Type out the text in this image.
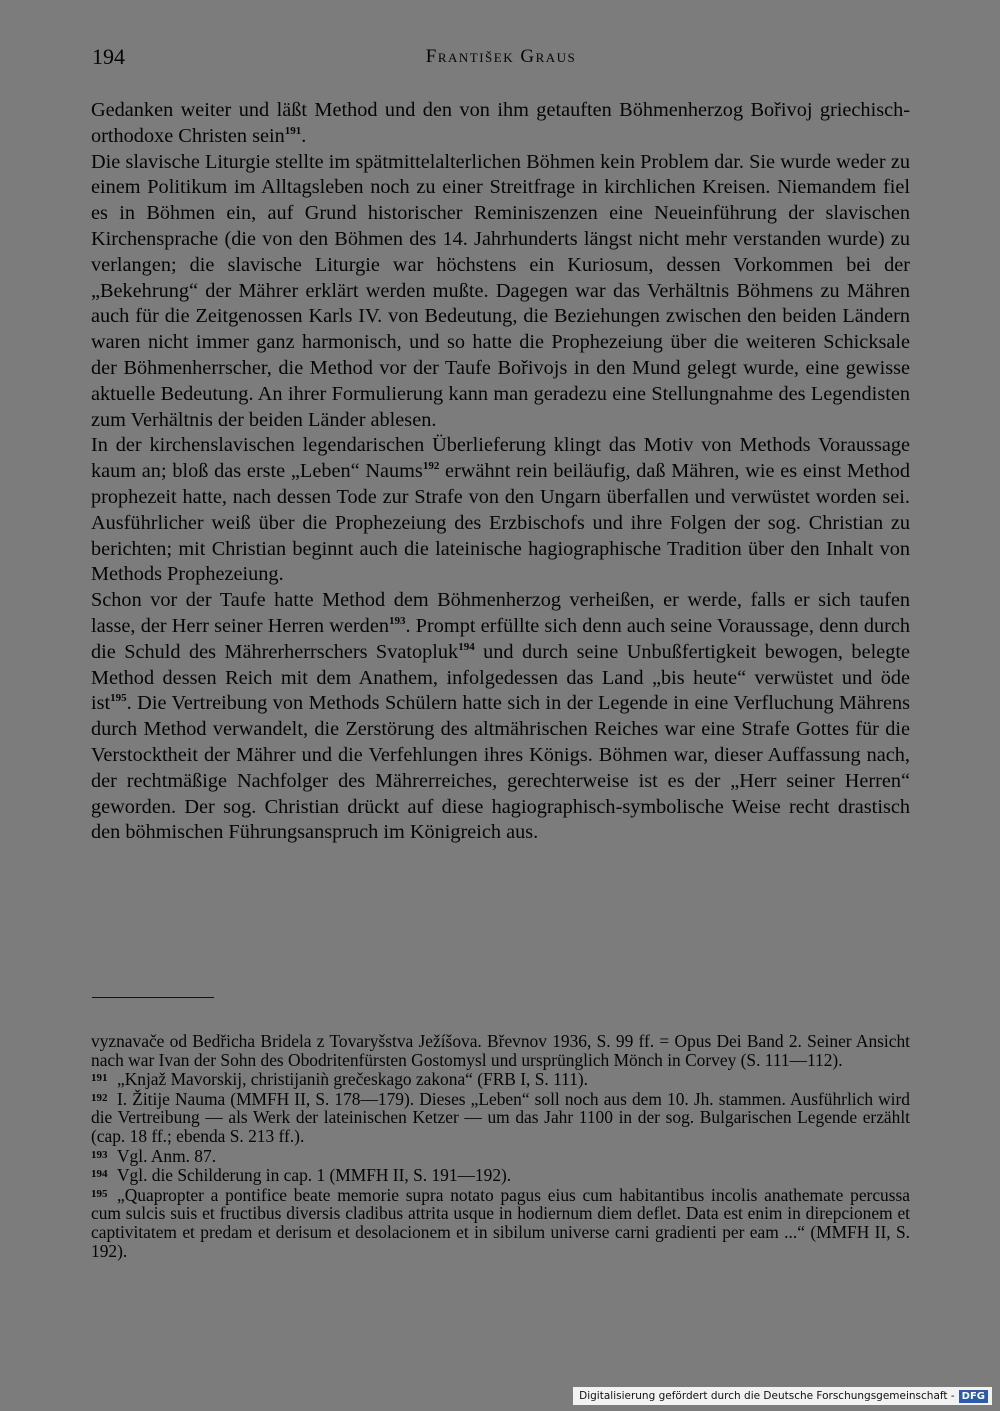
194	František Graus

Gedanken weiter und läßt Method und den von ihm getauften Böhmenherzog Bořivoj griechisch-orthodoxe Christen sein$^{191}$.

Die slavische Liturgie stellte im spätmittelalterlichen Böhmen kein Problem dar. Sie wurde weder zu einem Politikum im Alltagsleben noch zu einer Streitfrage in kirchlichen Kreisen. Niemandem fiel es in Böhmen ein, auf Grund historischer Reminiszenzen eine Neueinführung der slavischen Kirchensprache (die von den Böhmen des 14. Jahrhunderts längst nicht mehr verstanden wurde) zu verlangen; die slavische Liturgie war höchstens ein Kuriosum, dessen Vorkommen bei der „Bekehrung“ der Mährer erklärt werden mußte. Dagegen war das Verhältnis Böhmens zu Mähren auch für die Zeitgenossen Karls IV. von Bedeutung, die Beziehungen zwischen den beiden Ländern waren nicht immer ganz harmonisch, und so hatte die Prophezeiung über die weiteren Schicksale der Böhmenherrscher, die Method vor der Taufe Bořivojs in den Mund gelegt wurde, eine gewisse aktuelle Bedeutung. An ihrer Formulierung kann man geradezu eine Stellungnahme des Legendisten zum Verhältnis der beiden Länder ablesen.

In der kirchenslavischen legendarischen Überlieferung klingt das Motiv von Methods Voraussage kaum an; bloß das erste „Leben“ Naums$^{192}$ erwähnt rein beiläufig, daß Mähren, wie es einst Method prophezeit hatte, nach dessen Tode zur Strafe von den Ungarn überfallen und verwüstet worden sei. Ausführlicher weiß über die Prophezeiung des Erzbischofs und ihre Folgen der sog. Christian zu berichten; mit Christian beginnt auch die lateinische hagiographische Tradition über den Inhalt von Methods Prophezeiung.

Schon vor der Taufe hatte Method dem Böhmenherzog verheißen, er werde, falls er sich taufen lasse, der Herr seiner Herren werden$^{193}$. Prompt erfüllte sich denn auch seine Voraussage, denn durch die Schuld des Mährerherrschers Svatopluk$^{194}$ und durch seine Unbußfertigkeit bewogen, belegte Method dessen Reich mit dem Anathem, infolgedessen das Land „bis heute“ verwüstet und öde ist$^{195}$. Die Vertreibung von Methods Schülern hatte sich in der Legende in eine Verfluchung Mährens durch Method verwandelt, die Zerstörung des altmährischen Reiches war eine Strafe Gottes für die Verstocktheit der Mährer und die Verfehlungen ihres Königs. Böhmen war, dieser Auffassung nach, der rechtmäßige Nachfolger des Mährerreiches, gerechterweise ist es der „Herr seiner Herren“ geworden. Der sog. Christian drückt auf diese hagiographisch-symbolische Weise recht drastisch den böhmischen Führungsanspruch im Königreich aus.

vyznavače od Bedřicha Bridela z Tovaryšstva Ježíšova. Břevnov 1936, S. 99 ff. = Opus Dei Band 2. Seiner Ansicht nach war Ivan der Sohn des Obodritenfürsten Gostomysl und ursprünglich Mönch in Corvey (S. 111—112).

191 „Knjaž Mavorskij, christijaniǹ grečeskago zakona“ (FRB I, S. 111).

192 I. Žitije Nauma (MMFH II, S. 178—179). Dieses „Leben“ soll noch aus dem 10. Jh. stammen. Ausführlich wird die Vertreibung — als Werk der lateinischen Ketzer — um das Jahr 1100 in der sog. Bulgarischen Legende erzählt (cap. 18 ff.; ebenda S. 213 ff.).

193 Vgl. Anm. 87.

194 Vgl. die Schilderung in cap. 1 (MMFH II, S. 191—192).

195 „Quapropter a pontifice beate memorie supra notato pagus eius cum habitantibus incolis anathemate percussa cum sulcis suis et fructibus diversis cladibus attrita usque in hodiernum diem deflet. Data est enim in direpcionem et captivitatem et predam et derisum et desolacionem et in sibilum universe carni gradienti per eam ...“ (MMFH II, S. 192).

Digitalisierung gefördert durch die Deutsche Forschungsgemeinschaft - DFG
